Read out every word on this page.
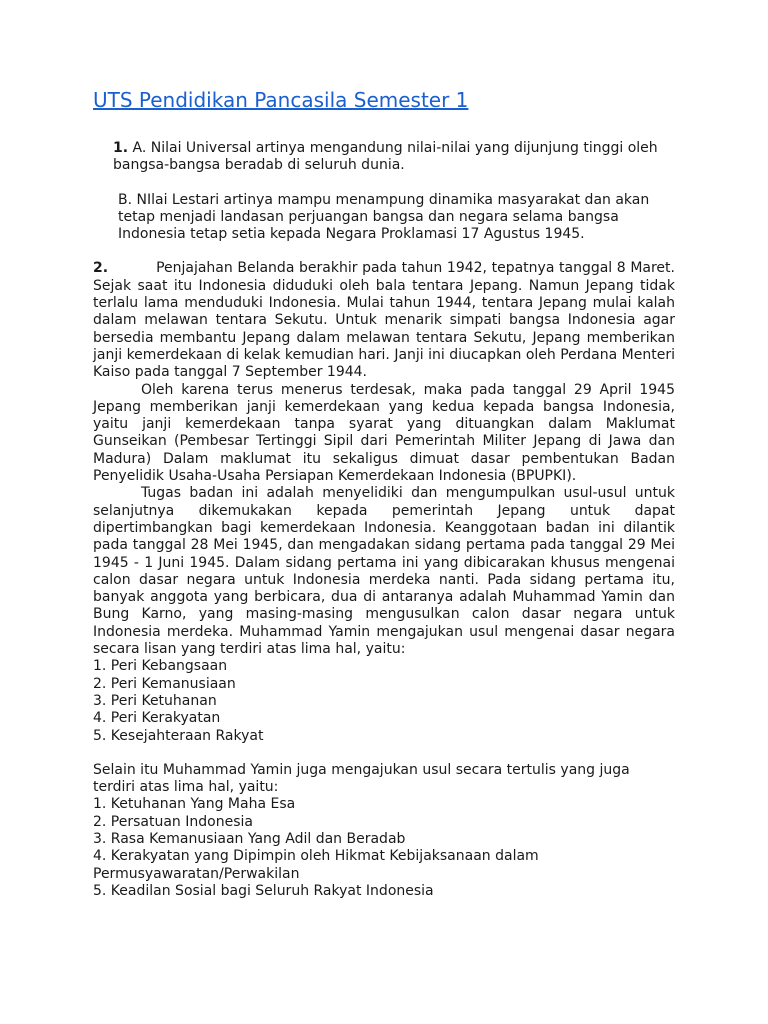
UTS Pendidikan Pancasila Semester 1

1. A. Nilai Universal artinya mengandung nilai-nilai yang dijunjung tinggi oleh bangsa-bangsa beradab di seluruh dunia.

B. NIlai Lestari artinya mampu menampung dinamika masyarakat dan akan tetap menjadi landasan perjuangan bangsa dan negara selama bangsa Indonesia tetap setia kepada Negara Proklamasi 17 Agustus 1945.

2.	Penjajahan Belanda berakhir pada tahun 1942, tepatnya tanggal 8 Maret. Sejak saat itu Indonesia diduduki oleh bala tentara Jepang. Namun Jepang tidak terlalu lama menduduki Indonesia. Mulai tahun 1944, tentara Jepang mulai kalah dalam melawan tentara Sekutu. Untuk menarik simpati bangsa Indonesia agar bersedia membantu Jepang dalam melawan tentara Sekutu, Jepang memberikan janji kemerdekaan di kelak kemudian hari. Janji ini diucapkan oleh Perdana Menteri Kaiso pada tanggal 7 September 1944.

Oleh karena terus menerus terdesak, maka pada tanggal 29 April 1945 Jepang memberikan janji kemerdekaan yang kedua kepada bangsa Indonesia, yaitu janji kemerdekaan tanpa syarat yang dituangkan dalam Maklumat Gunseikan (Pembesar Tertinggi Sipil dari Pemerintah Militer Jepang di Jawa dan Madura) Dalam maklumat itu sekaligus dimuat dasar pembentukan Badan Penyelidik Usaha-Usaha Persiapan Kemerdekaan Indonesia (BPUPKI).

Tugas badan ini adalah menyelidiki dan mengumpulkan usul-usul untuk selanjutnya dikemukakan kepada pemerintah Jepang untuk dapat dipertimbangkan bagi kemerdekaan Indonesia. Keanggotaan badan ini dilantik pada tanggal 28 Mei 1945, dan mengadakan sidang pertama pada tanggal 29 Mei 1945 - 1 Juni 1945. Dalam sidang pertama ini yang dibicarakan khusus mengenai calon dasar negara untuk Indonesia merdeka nanti. Pada sidang pertama itu, banyak anggota yang berbicara, dua di antaranya adalah Muhammad Yamin dan Bung Karno, yang masing-masing mengusulkan calon dasar negara untuk Indonesia merdeka. Muhammad Yamin mengajukan usul mengenai dasar negara secara lisan yang terdiri atas lima hal, yaitu:

1. Peri Kebangsaan
2. Peri Kemanusiaan
3. Peri Ketuhanan
4. Peri Kerakyatan
5. Kesejahteraan Rakyat

Selain itu Muhammad Yamin juga mengajukan usul secara tertulis yang juga terdiri atas lima hal, yaitu:

1. Ketuhanan Yang Maha Esa
2. Persatuan Indonesia
3. Rasa Kemanusiaan Yang Adil dan Beradab
4. Kerakyatan yang Dipimpin oleh Hikmat Kebijaksanaan dalam Permusyawaratan/Perwakilan
5. Keadilan Sosial bagi Seluruh Rakyat Indonesia
